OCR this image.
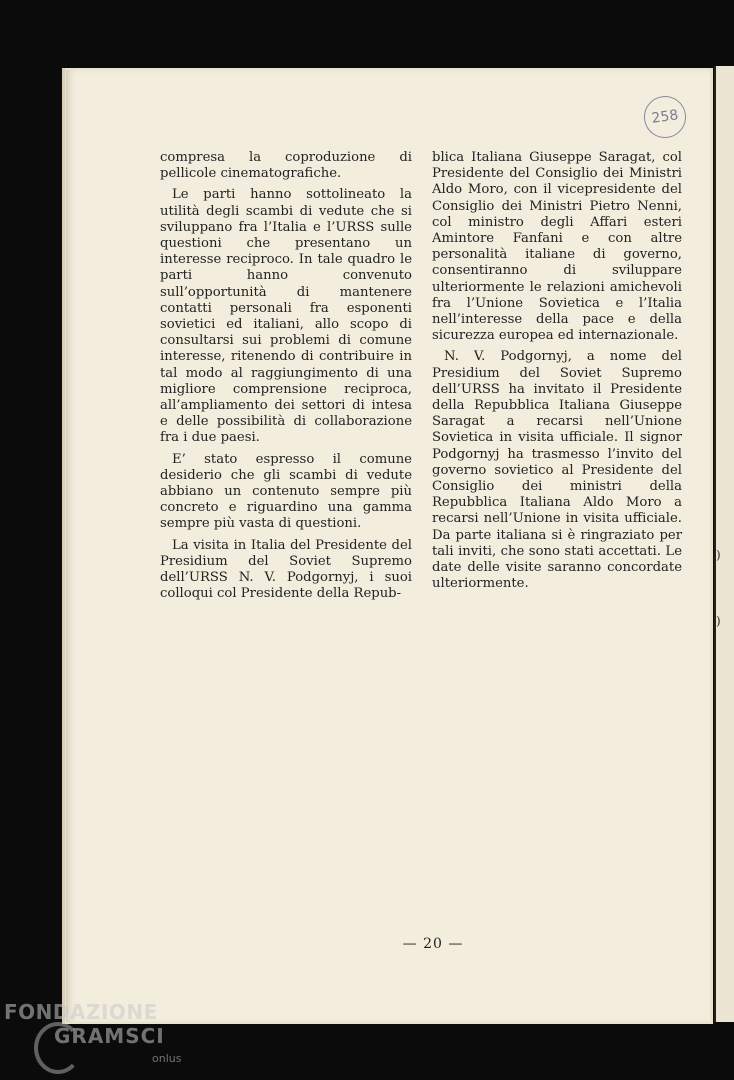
)
)
258

compresa la coproduzione di pellicole cinematografiche.

Le parti hanno sottolineato la utilità degli scambi di vedute che si sviluppano fra l’Italia e l’URSS sulle questioni che presentano un interesse reciproco. In tale quadro le parti hanno convenuto sull’opportunità di mantenere contatti personali fra esponenti sovietici ed italiani, allo scopo di consultarsi sui problemi di comune interesse, ritenendo di contribuire in tal modo al raggiungimento di una migliore comprensione reciproca, all’ampliamento dei settori di intesa e delle possibilità di collaborazione fra i due paesi.

E’ stato espresso il comune desiderio che gli scambi di vedute abbiano un contenuto sempre più concreto e riguardino una gamma sempre più vasta di questioni.

La visita in Italia del Presidente del Presidium del Soviet Supremo dell’URSS N. V. Podgornyj, i suoi colloqui col Presidente della Repub-

blica Italiana Giuseppe Saragat, col Presidente del Consiglio dei Ministri Aldo Moro, con il vicepresidente del Consiglio dei Ministri Pietro Nenni, col ministro degli Affari esteri Amintore Fanfani e con altre personalità italiane di governo, consentiranno di sviluppare ulteriormente le relazioni amichevoli fra l’Unione Sovietica e l’Italia nell’interesse della pace e della sicurezza europea ed internazionale.

N. V. Podgornyj, a nome del Presidium del Soviet Supremo dell’URSS ha invitato il Presidente della Repubblica Italiana Giuseppe Saragat a recarsi nell’Unione Sovietica in visita ufficiale. Il signor Podgornyj ha trasmesso l’invito del governo sovietico al Presidente del Consiglio dei ministri della Repubblica Italiana Aldo Moro a recarsi nell’Unione in visita ufficiale. Da parte italiana si è ringraziato per tali inviti, che sono stati accettati. Le date delle visite saranno concordate ulteriormente.

— 20 —
FONDAZIONE
GRAMSCI
onlus
